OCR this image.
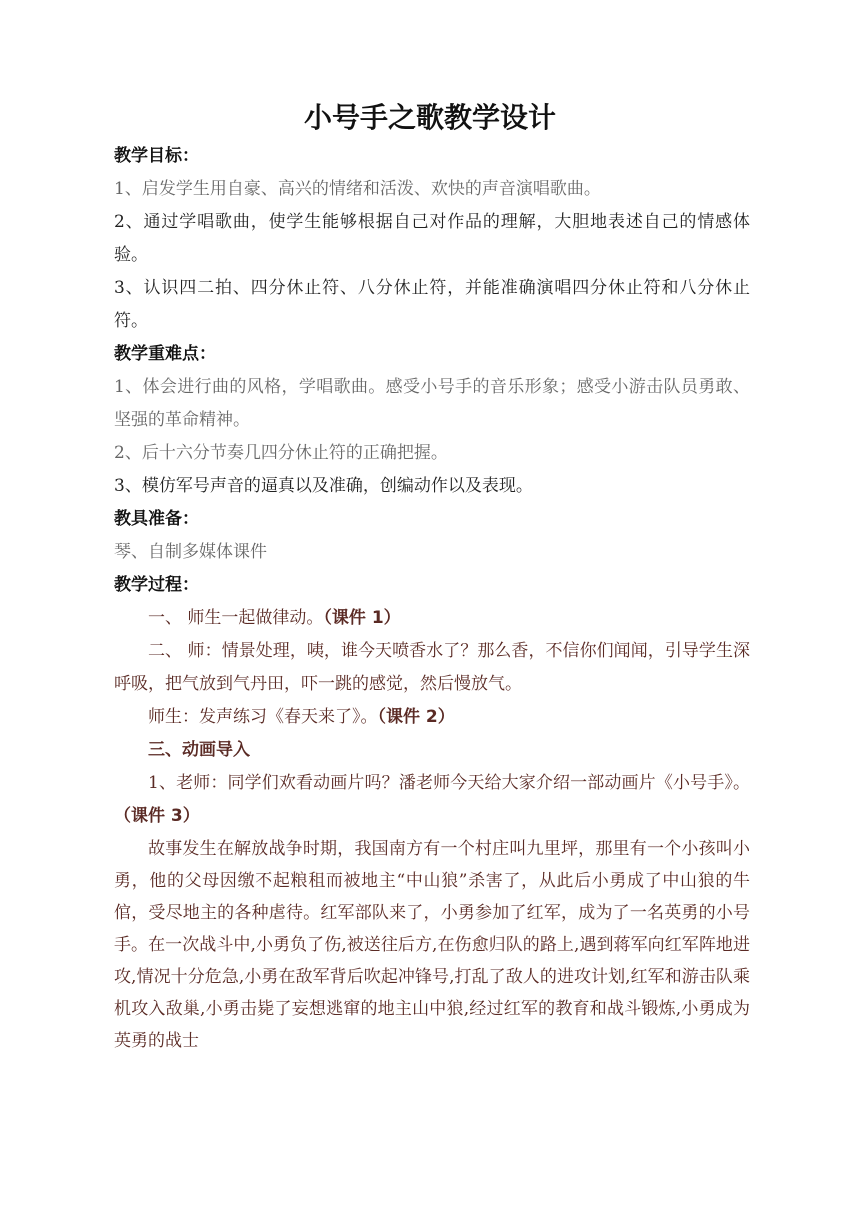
小号手之歌教学设计

教学目标：

1、启发学生用自豪、高兴的情绪和活泼、欢快的声音演唱歌曲。

2、通过学唱歌曲，使学生能够根据自己对作品的理解，大胆地表述自己的情感体验。

3、认识四二拍、四分休止符、八分休止符，并能准确演唱四分休止符和八分休止符。

教学重难点：

1、体会进行曲的风格，学唱歌曲。感受小号手的音乐形象；感受小游击队员勇敢、坚强的革命精神。

2、后十六分节奏几四分休止符的正确把握。

3、模仿军号声音的逼真以及准确，创编动作以及表现。

教具准备：

琴、自制多媒体课件

教学过程：

一、 师生一起做律动。（课件 1）

二、 师：情景处理，咦，谁今天喷香水了？那么香，不信你们闻闻，引导学生深呼吸，把气放到气丹田，吓一跳的感觉，然后慢放气。

师生：发声练习《春天来了》。（课件 2）

三、动画导入

1、老师：同学们欢看动画片吗？潘老师今天给大家介绍一部动画片《小号手》。（课件 3）

故事发生在解放战争时期，我国南方有一个村庄叫九里坪，那里有一个小孩叫小勇，他的父母因缴不起粮租而被地主“中山狼”杀害了，从此后小勇成了中山狼的牛倌，受尽地主的各种虐待。红军部队来了，小勇参加了红军，成为了一名英勇的小号手。在一次战斗中,小勇负了伤,被送往后方,在伤愈归队的路上,遇到蒋军向红军阵地进攻,情况十分危急,小勇在敌军背后吹起冲锋号,打乱了敌人的进攻计划,红军和游击队乘机攻入敌巢,小勇击毙了妄想逃窜的地主山中狼,经过红军的教育和战斗锻炼,小勇成为英勇的战士
